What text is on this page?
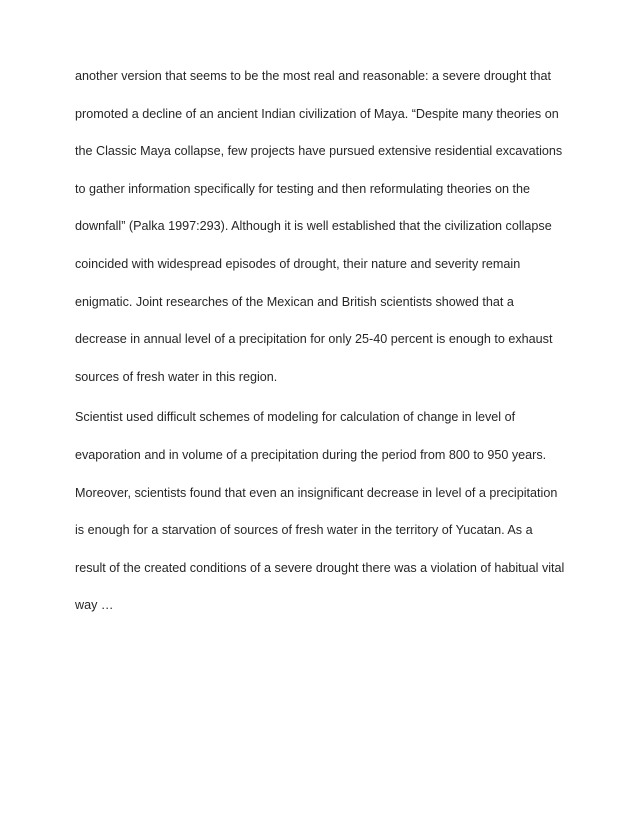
another version that seems to be the most real and reasonable: a severe drought that
promoted a decline of an ancient Indian civilization of Maya. “Despite many theories on
the Classic Maya collapse, few projects have pursued extensive residential excavations
to gather information specifically for testing and then reformulating theories on the
downfall” (Palka 1997:293). Although it is well established that the civilization collapse
coincided with widespread episodes of drought, their nature and severity remain
enigmatic. Joint researches of the Mexican and British scientists showed that a
decrease in annual level of a precipitation for only 25-40 percent is enough to exhaust
sources of fresh water in this region.
Scientist used difficult schemes of modeling for calculation of change in level of
evaporation and in volume of a precipitation during the period from 800 to 950 years.
Moreover, scientists found that even an insignificant decrease in level of a precipitation
is enough for a starvation of sources of fresh water in the territory of Yucatan. As a
result of the created conditions of a severe drought there was a violation of habitual vital
way …
